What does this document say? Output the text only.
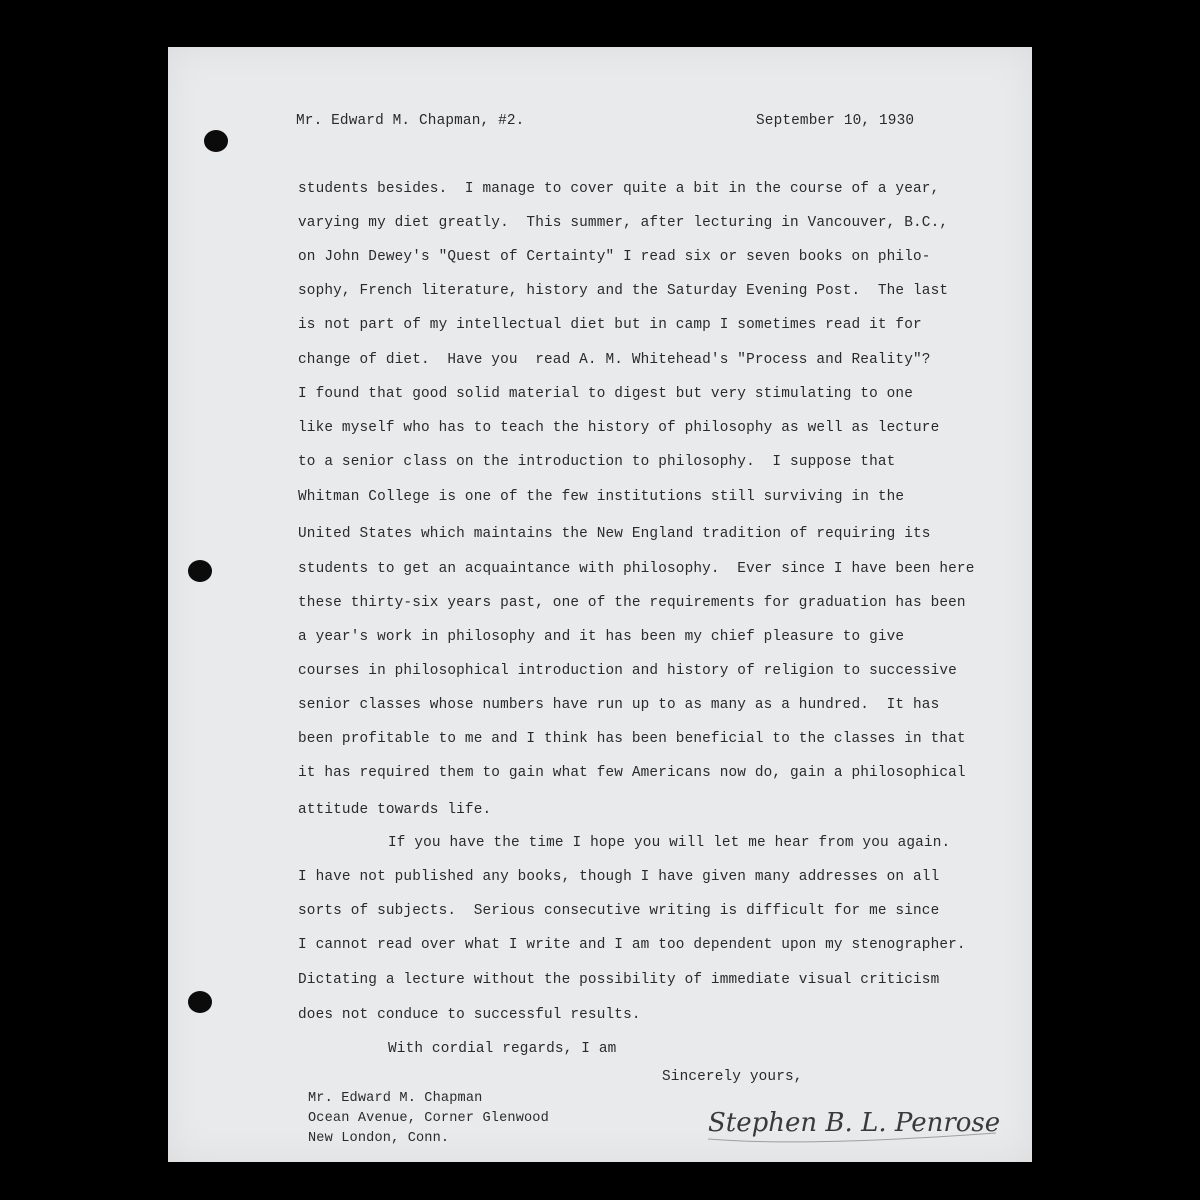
Mr. Edward M. Chapman, #2.	September 10, 1930
students besides.  I manage to cover quite a bit in the course of a year,
varying my diet greatly.  This summer, after lecturing in Vancouver, B.C.,
on John Dewey's "Quest of Certainty" I read six or seven books on philo-
sophy, French literature, history and the Saturday Evening Post.  The last
is not part of my intellectual diet but in camp I sometimes read it for
change of diet.  Have you  read A. M. Whitehead's "Process and Reality"?
I found that good solid material to digest but very stimulating to one
like myself who has to teach the history of philosophy as well as lecture
to a senior class on the introduction to philosophy.  I suppose that
Whitman College is one of the few institutions still surviving in the
United States which maintains the New England tradition of requiring its
students to get an acquaintance with philosophy.  Ever since I have been here
these thirty-six years past, one of the requirements for graduation has been
a year's work in philosophy and it has been my chief pleasure to give
courses in philosophical introduction and history of religion to successive
senior classes whose numbers have run up to as many as a hundred.  It has
been profitable to me and I think has been beneficial to the classes in that
it has required them to gain what few Americans now do, gain a philosophical
attitude towards life.
If you have the time I hope you will let me hear from you again.
I have not published any books, though I have given many addresses on all
sorts of subjects.  Serious consecutive writing is difficult for me since
I cannot read over what I write and I am too dependent upon my stenographer.
Dictating a lecture without the possibility of immediate visual criticism
does not conduce to successful results.
With cordial regards, I am
Sincerely yours,
Stephen B. L. Penrose
Mr. Edward M. Chapman
Ocean Avenue, Corner Glenwood
New London, Conn.
